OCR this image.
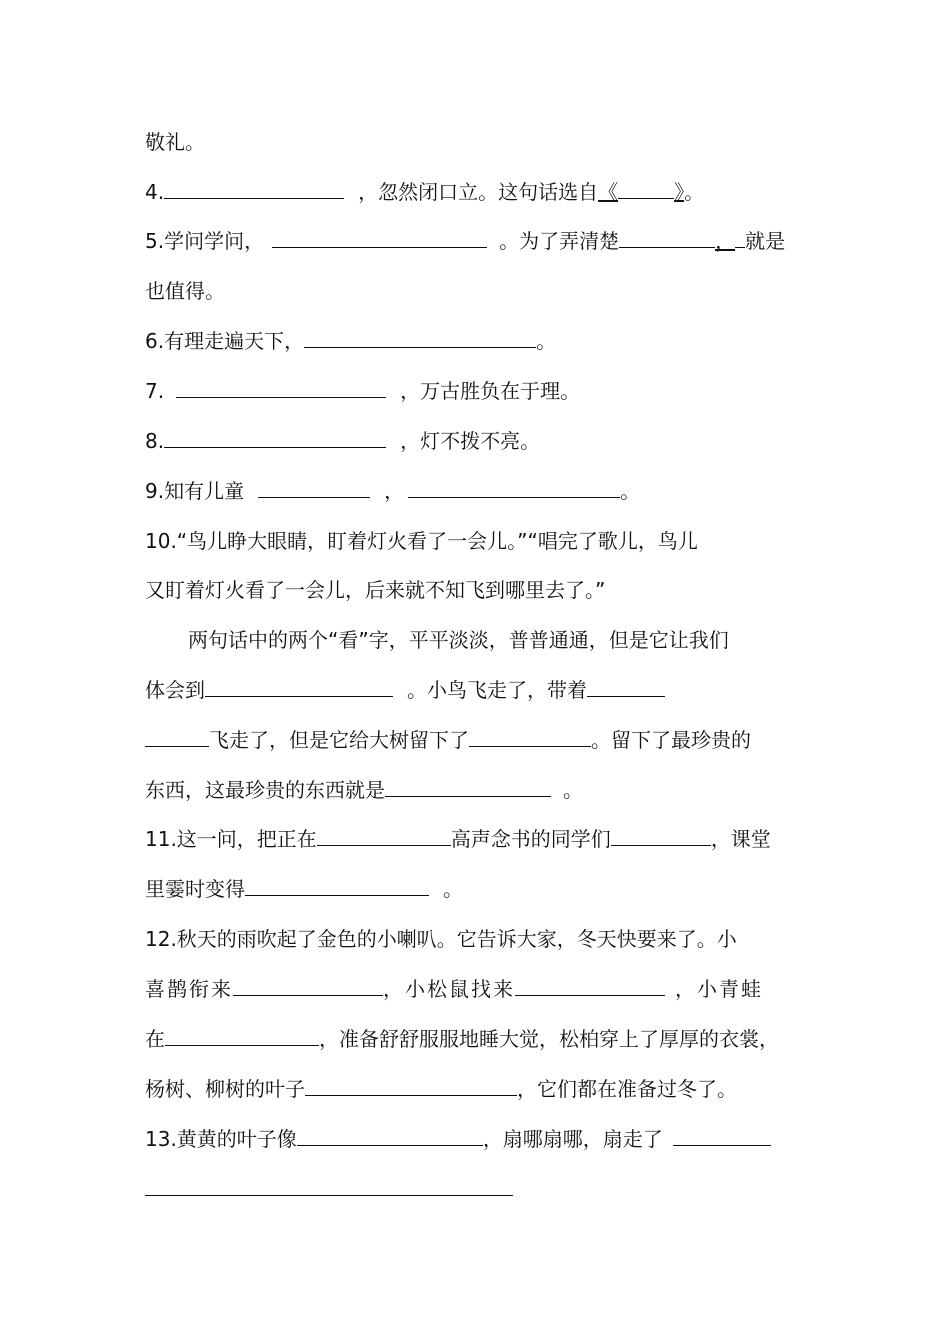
敬礼。
4.	，忽然闭口立。这句话选自《	》。
5.学问学问，	。为了弄清楚	， 就是
也值得。
6.有理走遍天下，	。
7.	，万古胜负在于理。
8.	，灯不拨不亮。
9.知有儿童	，	。
10.“鸟儿睁大眼睛，盯着灯火看了一会儿。”“唱完了歌儿，鸟儿
又盯着灯火看了一会儿，后来就不知飞到哪里去了。”
两句话中的两个“看”字，平平淡淡，普普通通，但是它让我们
体会到	。小鸟飞走了，带着
飞走了，但是它给大树留下了	。留下了最珍贵的
东西，这最珍贵的东西就是	。
11.这一问，把正在	高声念书的同学们	，课堂
里霎时变得	。
12.秋天的雨吹起了金色的小喇叭。它告诉大家，冬天快要来了。小
喜鹊衔来	，小松鼠找来	，小青蛙
在	，准备舒舒服服地睡大觉，松柏穿上了厚厚的衣裳，
杨树、柳树的叶子	，它们都在准备过冬了。
13.黄黄的叶子像	，扇哪扇哪，扇走了
